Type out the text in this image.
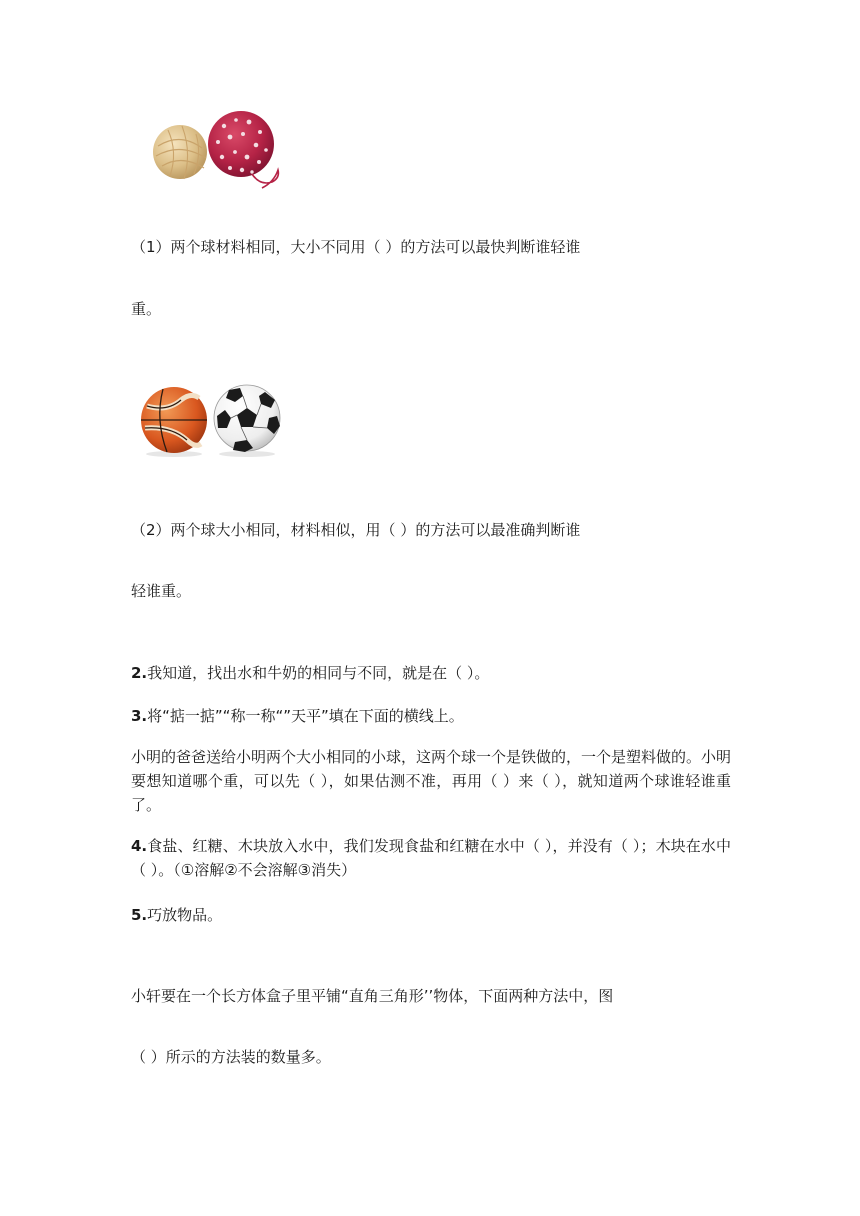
（1）两个球材料相同，大小不同用（ ）的方法可以最快判断谁轻谁
重。
（2）两个球大小相同，材料相似，用（ ）的方法可以最准确判断谁
轻谁重。
2.我知道，找出水和牛奶的相同与不同，就是在（ ）。
3.将“掂一掂”“称一称“”天平”填在下面的横线上。
小明的爸爸送给小明两个大小相同的小球，这两个球一个是铁做的，一个是塑料做的。小明要想知道哪个重，可以先（ ），如果估测不准，再用（ ）来（ ），就知道两个球谁轻谁重了。
4.食盐、红糖、木块放入水中，我们发现食盐和红糖在水中（ ），并没有（ ）；木块在水中（ ）。（①溶解②不会溶解③消失）
5.巧放物品。
小轩要在一个长方体盒子里平铺“直角三角形’’物体，下面两种方法中，图
（ ）所示的方法装的数量多。
